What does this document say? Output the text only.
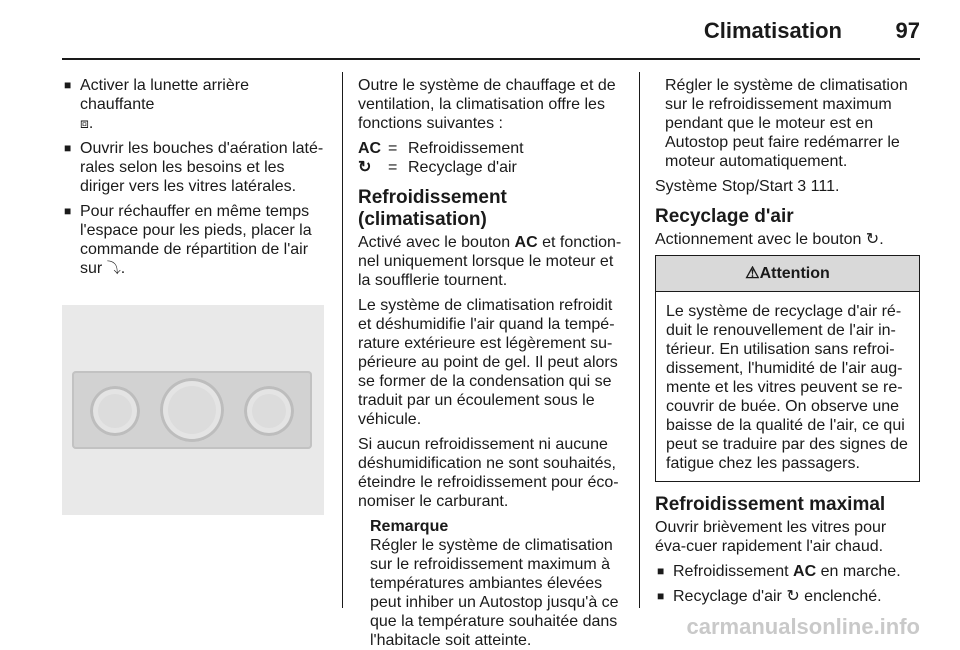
Climatisation 97
■ Activer la lunette arrière chauffante
⧈.
■ Ouvrir les bouches d'aération laté-rales selon les besoins et les diriger vers les vitres latérales.
■ Pour réchauffer en même temps l'espace pour les pieds, placer la commande de répartition de l'air sur ⤵.

Outre le système de chauffage et de ventilation, la climatisation offre les fonctions suivantes :

AC = Refroidissement
↻	= Recyclage d'air
Refroidissement (climatisation)

Activé avec le bouton AC et fonction-nel uniquement lorsque le moteur et la soufflerie tournent.

Le système de climatisation refroidit et déshumidifie l'air quand la tempé-rature extérieure est légèrement su-périeure au point de gel. Il peut alors se former de la condensation qui se traduit par un écoulement sous le véhicule.

Si aucun refroidissement ni aucune déshumidification ne sont souhaités, éteindre le refroidissement pour éco-nomiser le carburant.

Remarque
Régler le système de climatisation sur le refroidissement maximum à températures ambiantes élevées peut inhiber un Autostop jusqu'à ce que la température souhaitée dans l'habitacle soit atteinte.

Régler le système de climatisation sur le refroidissement maximum pendant que le moteur est en Autostop peut faire redémarrer le moteur automatiquement.

Système Stop/Start 3 111.

Recyclage d'air

Actionnement avec le bouton ↻.

⚠Attention
Le système de recyclage d'air ré-duit le renouvellement de l'air in-térieur. En utilisation sans refroi-dissement, l'humidité de l'air aug-mente et les vitres peuvent se re-couvrir de buée. On observe une baisse de la qualité de l'air, ce qui peut se traduire par des signes de fatigue chez les passagers.
Refroidissement maximal

Ouvrir brièvement les vitres pour éva-cuer rapidement l'air chaud.

■ Refroidissement AC en marche.
■ Recyclage d'air ↻ enclenché.
carmanualsonline.info
